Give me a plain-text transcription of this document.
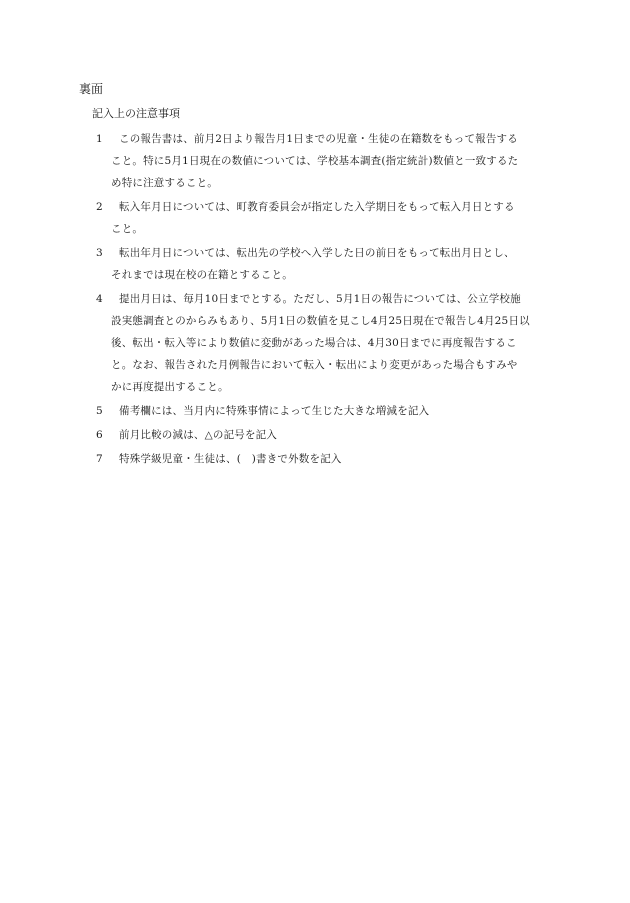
裏面
記入上の注意事項
1	この報告書は、前月2日より報告月1日までの児童・生徒の在籍数をもって報告する
こと。特に5月1日現在の数値については、学校基本調査(指定統計)数値と一致するた
め特に注意すること。
2	転入年月日については、町教育委員会が指定した入学期日をもって転入月日とする
こと。
3	転出年月日については、転出先の学校へ入学した日の前日をもって転出月日とし、
それまでは現在校の在籍とすること。
4	提出月日は、毎月10日までとする。ただし、5月1日の報告については、公立学校施
設実態調査とのからみもあり、5月1日の数値を見こし4月25日現在で報告し4月25日以
後、転出・転入等により数値に変動があった場合は、4月30日までに再度報告するこ
と。なお、報告された月例報告において転入・転出により変更があった場合もすみや
かに再度提出すること。
5	備考欄には、当月内に特殊事情によって生じた大きな増減を記入
6	前月比較の減は、△の記号を記入
7	特殊学級児童・生徒は、(　)書きで外数を記入
